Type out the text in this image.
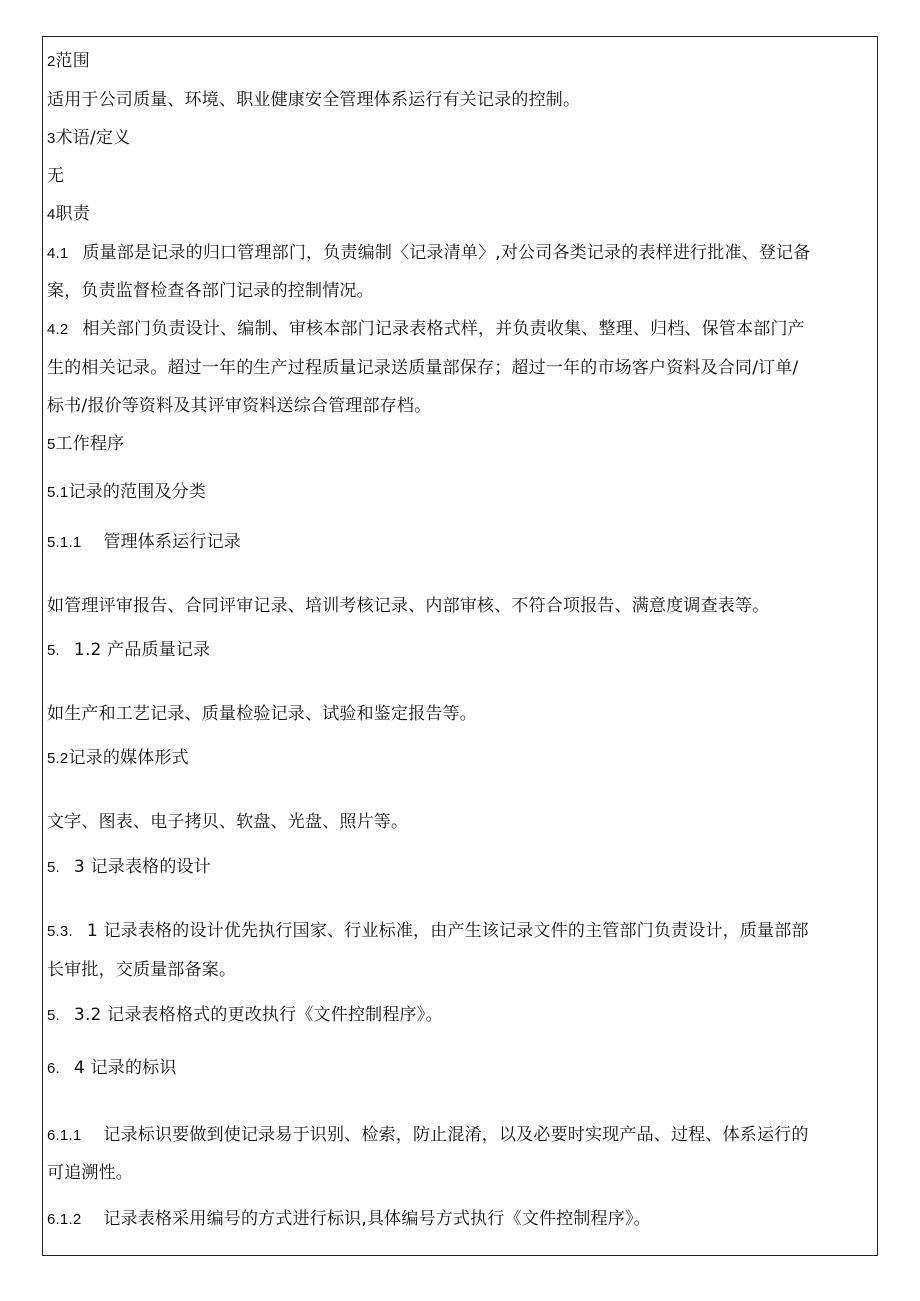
2范围

适用于公司质量、环境、职业健康安全管理体系运行有关记录的控制。

3术语/定义

无

4职责

4.1 质量部是记录的归口管理部门，负责编制〈记录清单〉,对公司各类记录的表样进行批准、登记备

案，负责监督检查各部门记录的控制情况。

4.2 相关部门负责设计、编制、审核本部门记录表格式样，并负责收集、整理、归档、保管本部门产

生的相关记录。超过一年的生产过程质量记录送质量部保存；超过一年的市场客户资料及合同/订单/

标书/报价等资料及其评审资料送综合管理部存档。

5工作程序

5.1记录的范围及分类

5.1.1 管理体系运行记录

如管理评审报告、合同评审记录、培训考核记录、内部审核、不符合项报告、满意度调查表等。

5. 1.2 产品质量记录

如生产和工艺记录、质量检验记录、试验和鉴定报告等。

5.2记录的媒体形式

文字、图表、电子拷贝、软盘、光盘、照片等。

5. 3 记录表格的设计

5.3. 1 记录表格的设计优先执行国家、行业标准，由产生该记录文件的主管部门负责设计，质量部部

长审批，交质量部备案。

5. 3.2 记录表格格式的更改执行《文件控制程序》。

6. 4 记录的标识

6.1.1 记录标识要做到使记录易于识别、检索，防止混淆，以及必要时实现产品、过程、体系运行的

可追溯性。

6.1.2 记录表格采用编号的方式进行标识,具体编号方式执行《文件控制程序》。
